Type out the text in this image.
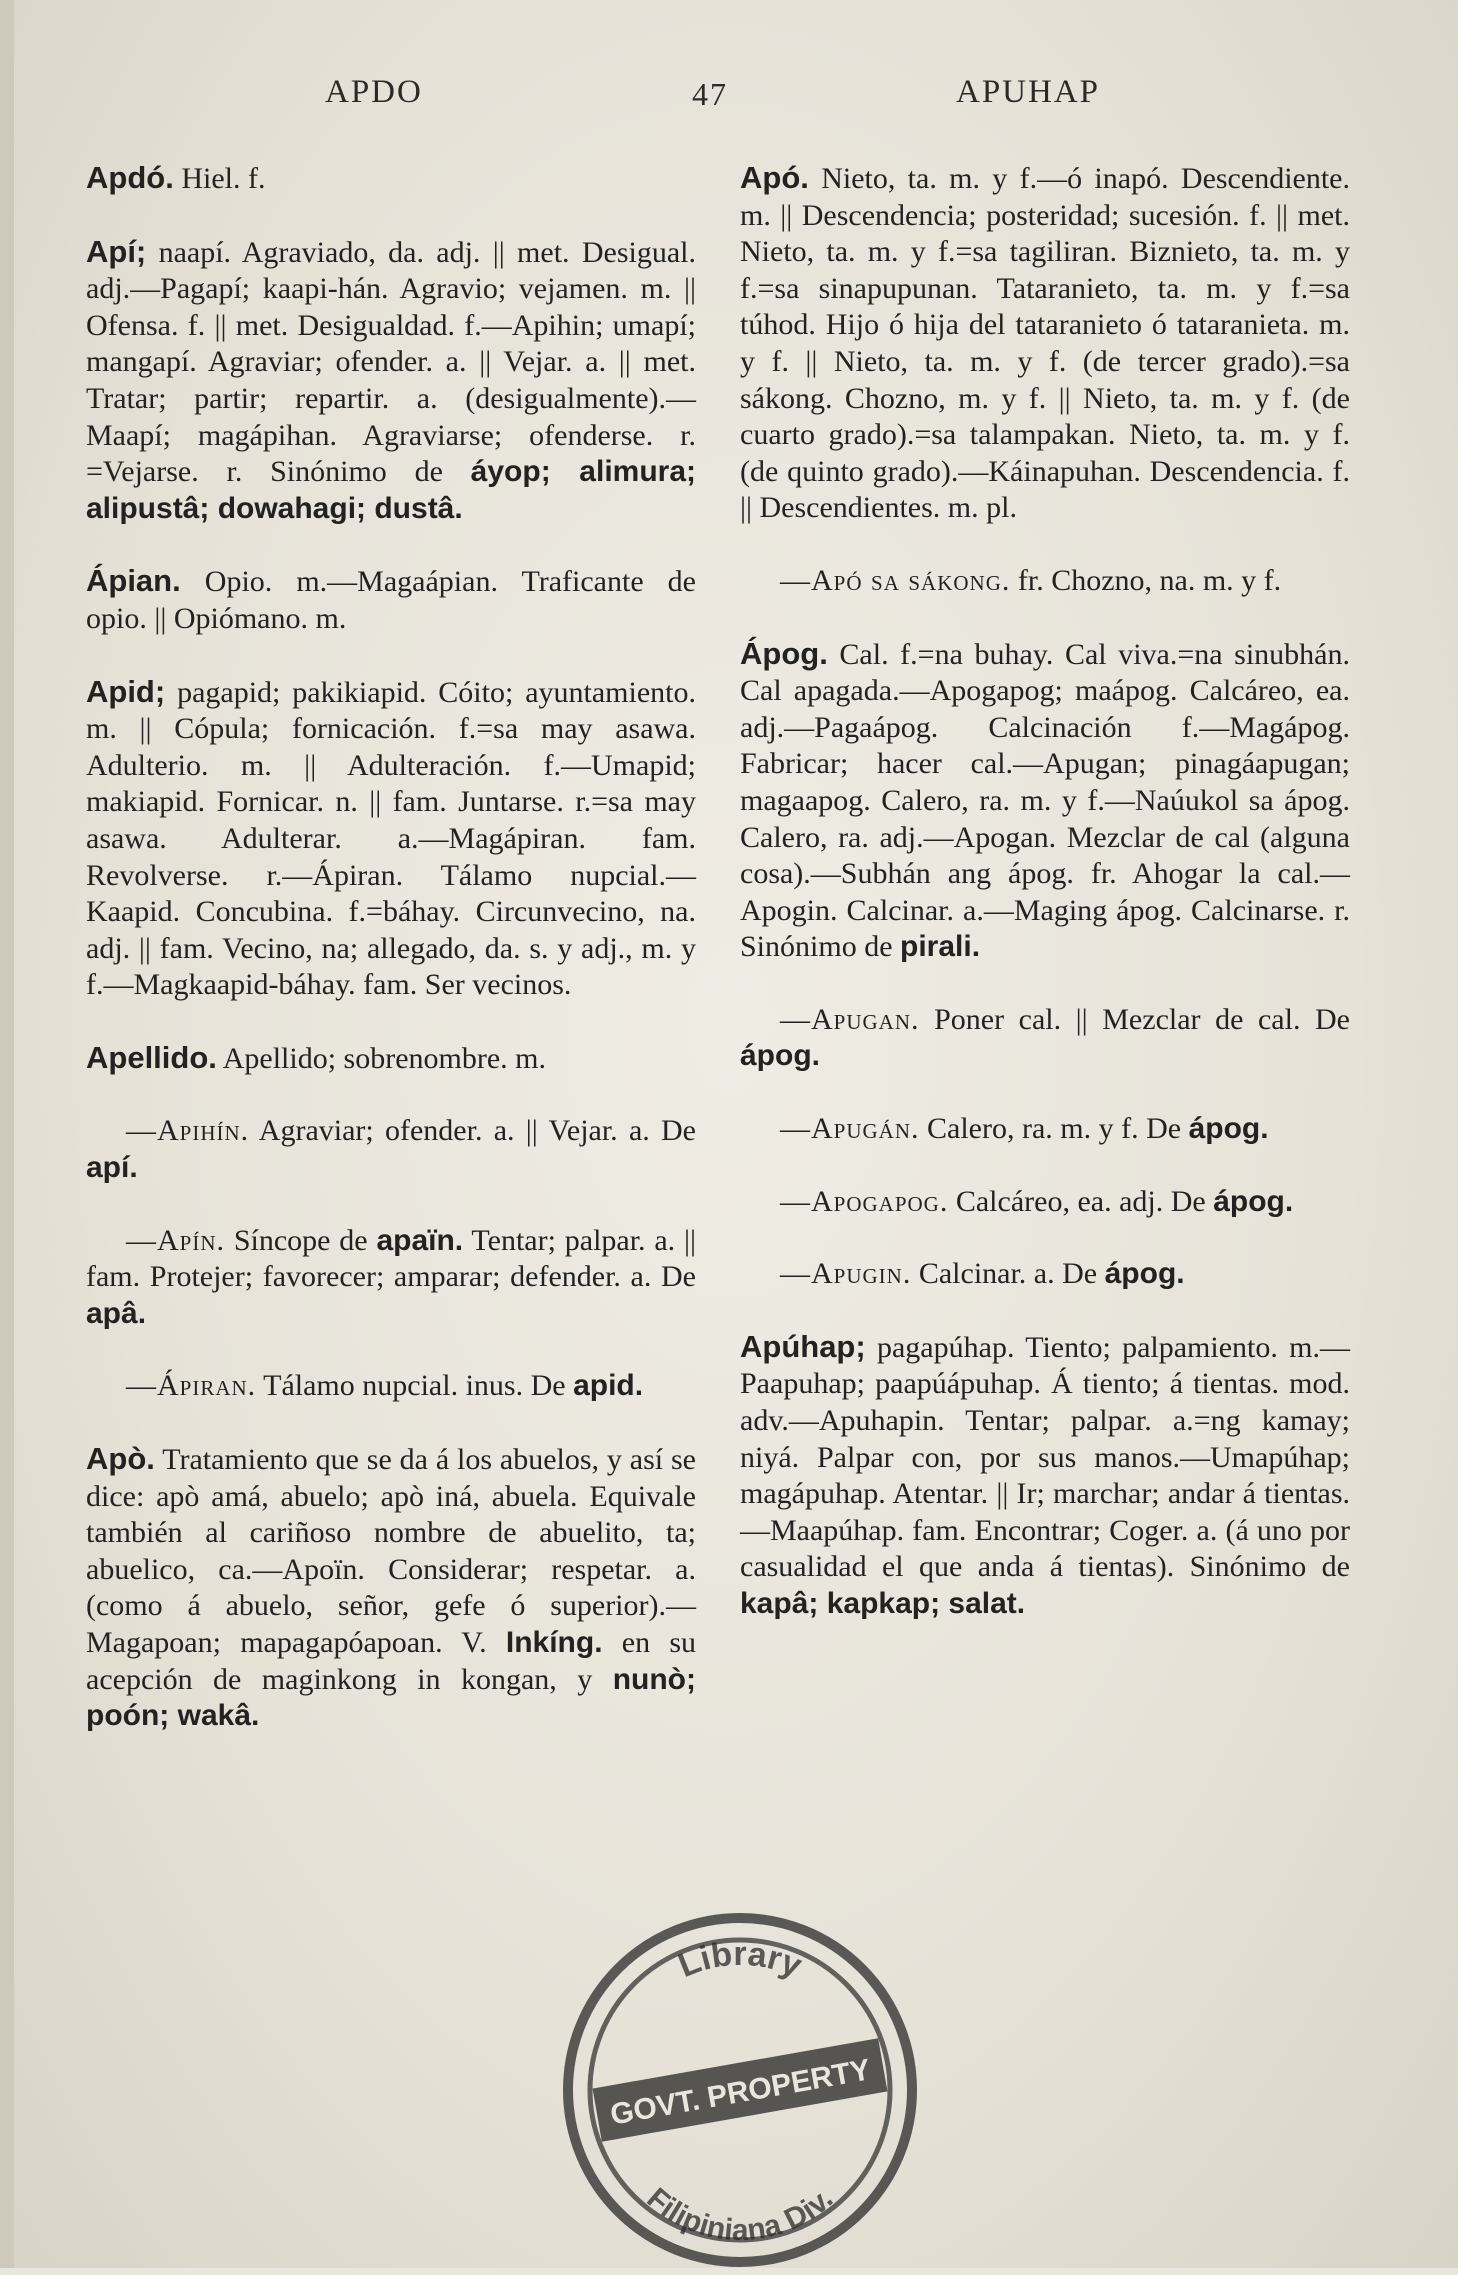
APDO	47	APUHAP

Apdó. Hiel. f.

Apí; naapí. Agraviado, da. adj. || met. Desigual. adj.—Pagapí; kaapi-hán. Agravio; vejamen. m. || Ofensa. f. || met. Desigualdad. f.—Apihin; umapí; mangapí. Agraviar; ofender. a. || Vejar. a. || met. Tratar; partir; repartir. a. (desigualmente).—Maapí; magápihan. Agraviarse; ofenderse. r. =Vejarse. r. Sinónimo de áyop; alimura; alipustâ; dowahagi; dustâ.

Ápian. Opio. m.—Magaápian. Traficante de opio. || Opiómano. m.

Apid; pagapid; pakikiapid. Cóito; ayuntamiento. m. || Cópula; fornicación. f.=sa may asawa. Adulterio. m. || Adulteración. f.—Umapid; makiapid. Fornicar. n. || fam. Juntarse. r.=sa may asawa. Adulterar. a.—Magápiran. fam. Revolverse. r.—Ápiran. Tálamo nupcial.—Kaapid. Concubina. f.=báhay. Circunvecino, na. adj. || fam. Vecino, na; allegado, da. s. y adj., m. y f.—Magkaapid-báhay. fam. Ser vecinos.

Apellido. Apellido; sobrenombre. m.

—Apihín. Agraviar; ofender. a. || Vejar. a. De apí.

—Apín. Síncope de apaïn. Tentar; palpar. a. || fam. Protejer; favorecer; amparar; defender. a. De apâ.

—Ápiran. Tálamo nupcial. inus. De apid.

Apò. Tratamiento que se da á los abuelos, y así se dice: apò amá, abuelo; apò iná, abuela. Equivale también al cariñoso nombre de abuelito, ta; abuelico, ca.—Apoïn. Considerar; respetar. a. (como á abuelo, señor, gefe ó superior).—Magapoan; mapagapóapoan. V. Inkíng. en su acepción de maginkong in kongan, y nunò; poón; wakâ.

Apó. Nieto, ta. m. y f.—ó inapó. Descendiente. m. || Descendencia; posteridad; sucesión. f. || met. Nieto, ta. m. y f.=sa tagiliran. Biznieto, ta. m. y f.=sa sinapupunan. Tataranieto, ta. m. y f.=sa túhod. Hijo ó hija del tataranieto ó tataranieta. m. y f. || Nieto, ta. m. y f. (de tercer grado).=sa sákong. Chozno, m. y f. || Nieto, ta. m. y f. (de cuarto grado).=sa talampakan. Nieto, ta. m. y f. (de quinto grado).—Káinapuhan. Descendencia. f. || Descendientes. m. pl.

—Apó sa sákong. fr. Chozno, na. m. y f.

Ápog. Cal. f.=na buhay. Cal viva.=na sinubhán. Cal apagada.—Apogapog; maápog. Calcáreo, ea. adj.—Pagaápog. Calcinación f.—Magápog. Fabricar; hacer cal.—Apugan; pinagáapugan; magaapog. Calero, ra. m. y f.—Naúukol sa ápog. Calero, ra. adj.—Apogan. Mezclar de cal (alguna cosa).—Subhán ang ápog. fr. Ahogar la cal.—Apogin. Calcinar. a.—Maging ápog. Calcinarse. r. Sinónimo de pirali.

—Apugan. Poner cal. || Mezclar de cal. De ápog.

—Apugán. Calero, ra. m. y f. De ápog.

—Apogapog. Calcáreo, ea. adj. De ápog.

—Apugin. Calcinar. a. De ápog.

Apúhap; pagapúhap. Tiento; palpamiento. m.—Paapuhap; paapúápuhap. Á tiento; á tientas. mod. adv.—Apuhapin. Tentar; palpar. a.=ng kamay; niyá. Palpar con, por sus manos.—Umapúhap; magápuhap. Atentar. || Ir; marchar; andar á tientas.—Maapúhap. fam. Encontrar; Coger. a. (á uno por casualidad el que anda á tientas). Sinónimo de kapâ; kapkap; salat.

Library
GOVT. PROPERTY
Filipiniana Div.
